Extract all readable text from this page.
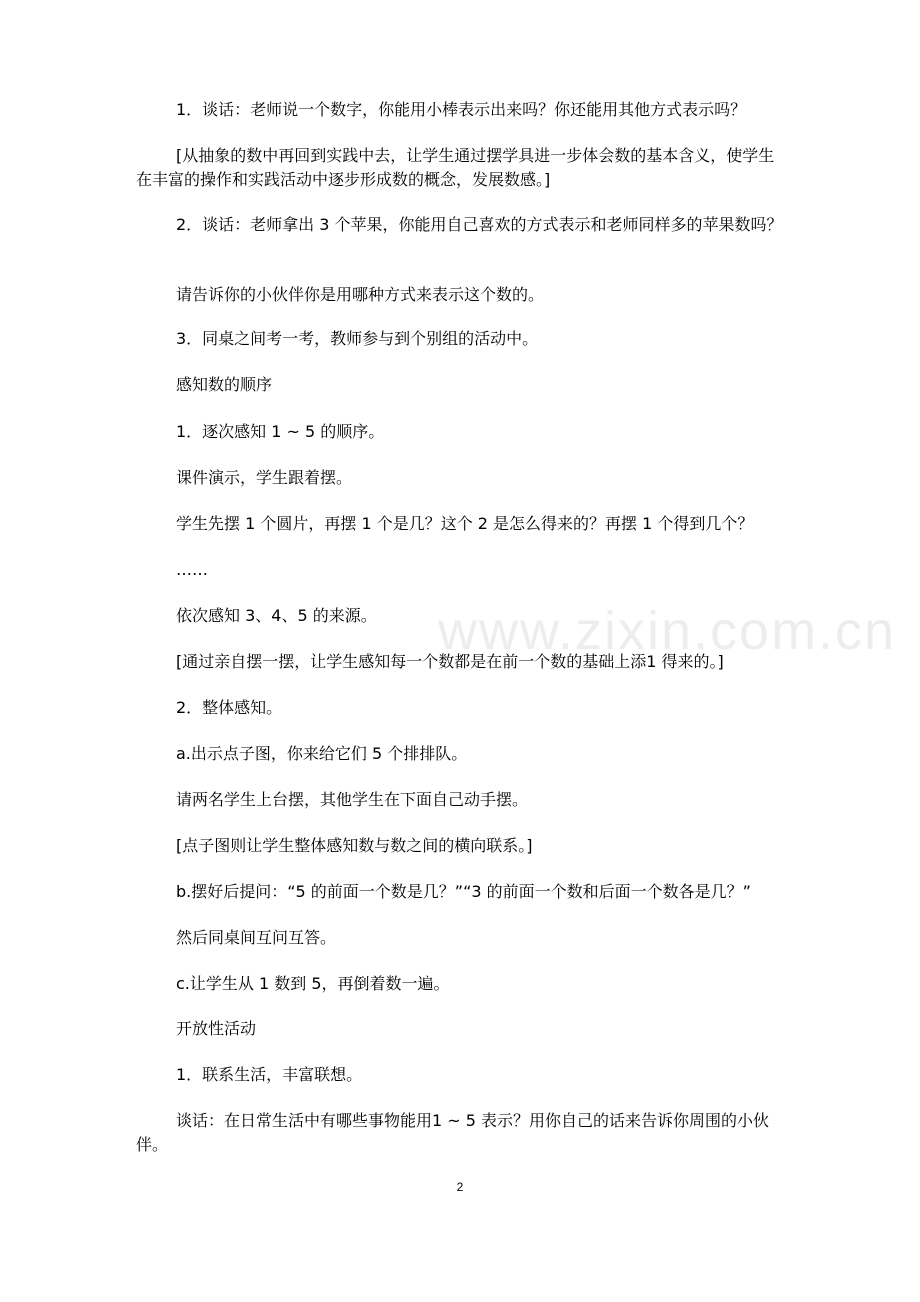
1．谈话：老师说一个数字，你能用小棒表示出来吗？你还能用其他方式表示吗？

[从抽象的数中再回到实践中去，让学生通过摆学具进一步体会数的基本含义，使学生在丰富的操作和实践活动中逐步形成数的概念，发展数感。]

2．谈话：老师拿出 3 个苹果，你能用自己喜欢的方式表示和老师同样多的苹果数吗？

请告诉你的小伙伴你是用哪种方式来表示这个数的。

3．同桌之间考一考，教师参与到个别组的活动中。

感知数的顺序

1．逐次感知 1 ~ 5 的顺序。

课件演示，学生跟着摆。

学生先摆 1 个圆片，再摆 1 个是几？这个 2 是怎么得来的？再摆 1 个得到几个？

……

依次感知 3、4、5 的来源。

[通过亲自摆一摆，让学生感知每一个数都是在前一个数的基础上添1 得来的。]

2．整体感知。

a.出示点子图，你来给它们 5 个排排队。

请两名学生上台摆，其他学生在下面自己动手摆。

[点子图则让学生整体感知数与数之间的横向联系。]

b.摆好后提问：“5 的前面一个数是几？”“3 的前面一个数和后面一个数各是几？”

然后同桌间互问互答。

c.让学生从 1 数到 5，再倒着数一遍。

开放性活动

1．联系生活，丰富联想。

谈话：在日常生活中有哪些事物能用1 ~ 5 表示？用你自己的话来告诉你周围的小伙伴。

www.zixin.com.cn
2
